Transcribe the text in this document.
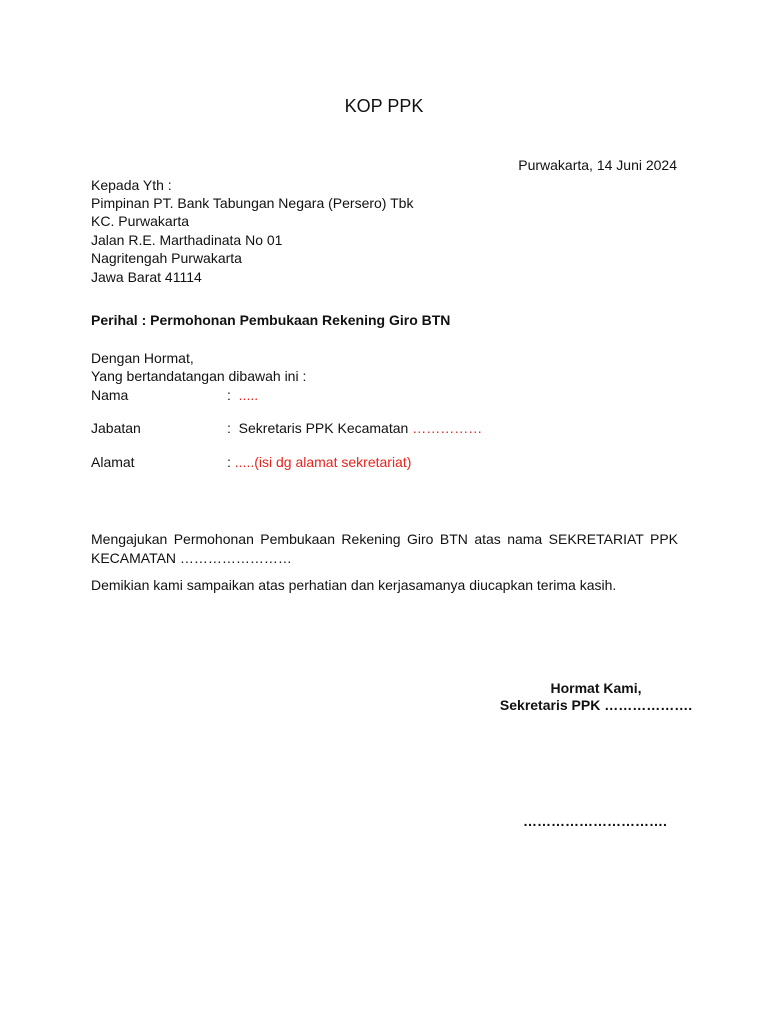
KOP PPK
Purwakarta, 14 Juni 2024
Kepada Yth :
Pimpinan PT. Bank Tabungan Negara (Persero) Tbk
KC. Purwakarta
Jalan R.E. Marthadinata No 01
Nagritengah Purwakarta
Jawa Barat 41114
Perihal : Permohonan Pembukaan Rekening Giro BTN
Dengan Hormat,
Yang bertandatangan dibawah ini :
Nama	: .....
Jabatan	: Sekretaris PPK Kecamatan ……………
Alamat	: .....(isi dg alamat sekretariat)
Mengajukan Permohonan Pembukaan Rekening Giro BTN atas nama SEKRETARIAT PPK KECAMATAN ……………………
Demikian kami sampaikan atas perhatian dan kerjasamanya diucapkan terima kasih.
Hormat Kami,
Sekretaris PPK ……………….
………………………….
